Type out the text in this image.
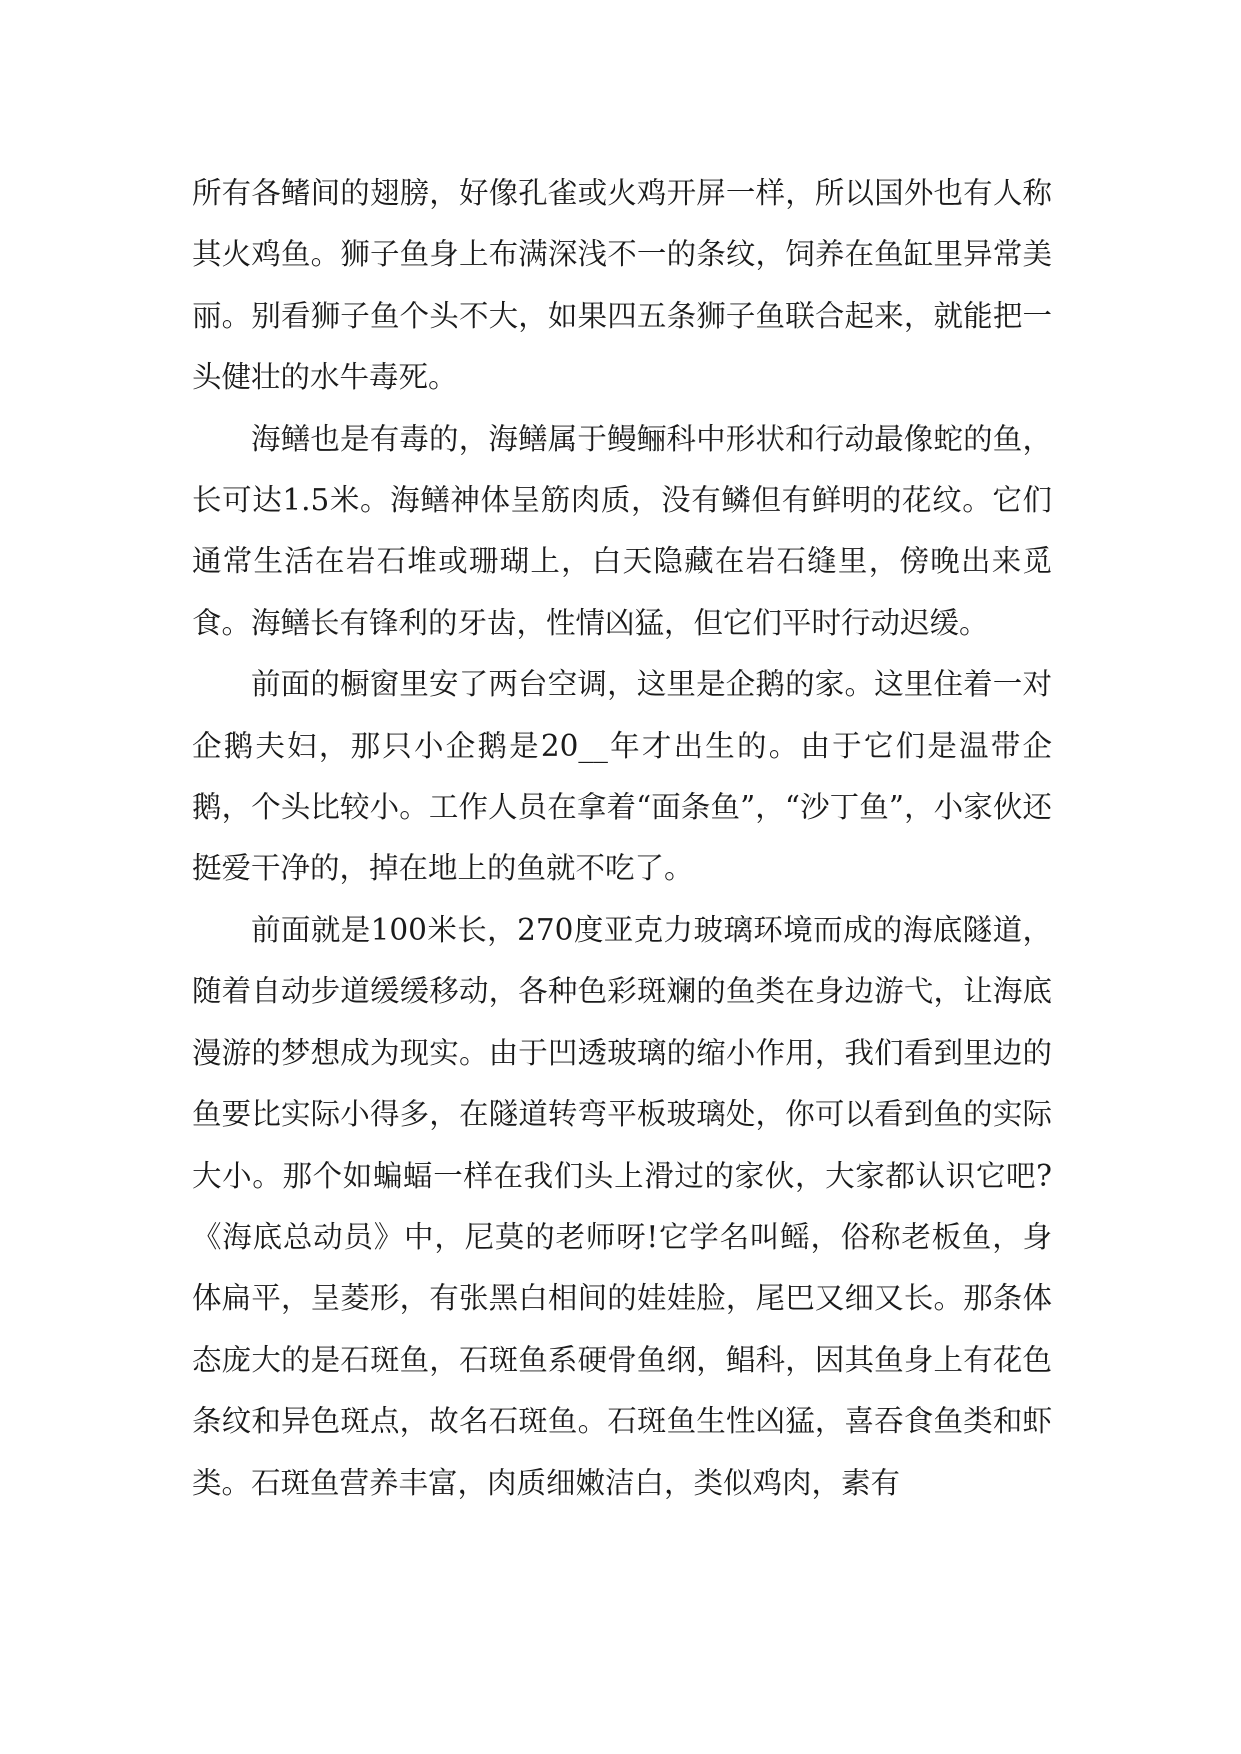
所有各鳍间的翅膀，好像孔雀或火鸡开屏一样，所以国外也有人称其火鸡鱼。狮子鱼身上布满深浅不一的条纹，饲养在鱼缸里异常美丽。别看狮子鱼个头不大，如果四五条狮子鱼联合起来，就能把一头健壮的水牛毒死。

海鳝也是有毒的，海鳝属于鳗鲡科中形状和行动最像蛇的鱼，长可达1.5米。海鳝神体呈筋肉质，没有鳞但有鲜明的花纹。它们通常生活在岩石堆或珊瑚上，白天隐藏在岩石缝里，傍晚出来觅食。海鳝长有锋利的牙齿，性情凶猛，但它们平时行动迟缓。

前面的橱窗里安了两台空调，这里是企鹅的家。这里住着一对企鹅夫妇，那只小企鹅是20__年才出生的。由于它们是温带企鹅，个头比较小。工作人员在拿着“面条鱼”，“沙丁鱼”，小家伙还挺爱干净的，掉在地上的鱼就不吃了。

前面就是100米长，270度亚克力玻璃环境而成的海底隧道，随着自动步道缓缓移动，各种色彩斑斓的鱼类在身边游弋，让海底漫游的梦想成为现实。由于凹透玻璃的缩小作用，我们看到里边的鱼要比实际小得多，在隧道转弯平板玻璃处，你可以看到鱼的实际大小。那个如蝙蝠一样在我们头上滑过的家伙，大家都认识它吧?《海底总动员》中，尼莫的老师呀!它学名叫鳐，俗称老板鱼，身体扁平，呈菱形，有张黑白相间的娃娃脸，尾巴又细又长。那条体态庞大的是石斑鱼，石斑鱼系硬骨鱼纲，鲳科，因其鱼身上有花色条纹和异色斑点，故名石斑鱼。石斑鱼生性凶猛，喜吞食鱼类和虾类。石斑鱼营养丰富，肉质细嫩洁白，类似鸡肉，素有
